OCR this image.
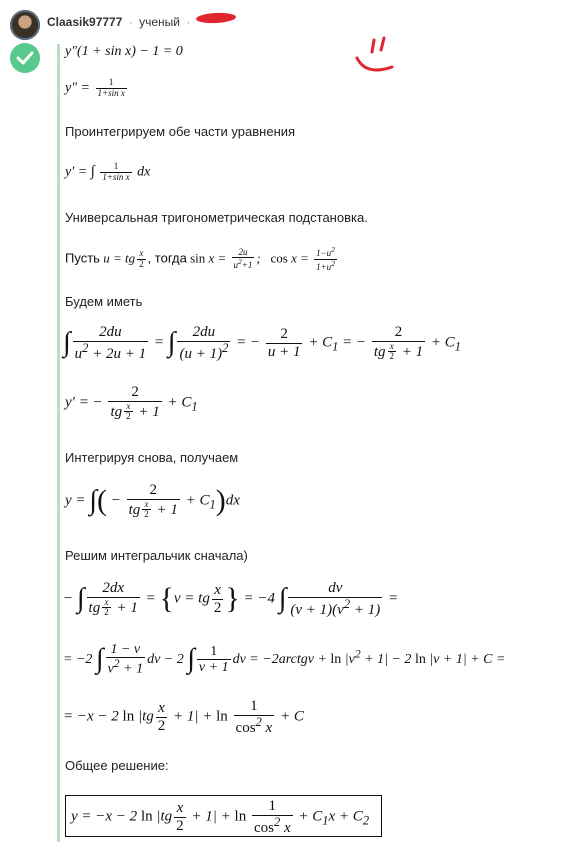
Claasik97777 · ученый ·
y″(1 + sin x) − 1 = 0
$y'' = \frac{1}{\text{1+sin x}}$
Проинтегрируем обе части уравнения
y′ = ∫ $\frac{1}{\text{1+sin x}}$ dx
Универсальная тригонометрическая подстановка.
Пусть u = tg $\frac{x}{2}$ , тогда $\sin x = \frac{2u}{u^2+1}$ ;   $\cos x = \frac{1-u^2}{1+u^2}$
Будем иметь
∫ $\frac{2du}{u^2 + 2u + 1}$ = ∫ $\frac{2du}{(u + 1)^2}$ = − $\frac{2}{u + 1} + C_1$ = − $\frac{2}{tg \frac{x}{2} + 1} + C_1$
y′ = − $\frac{2}{tg \frac{x}{2} + 1} + C_1$
Интегрируя снова, получаем
y = ∫( − $\frac{2}{tg \frac{x}{2} + 1} + C_1)dx$
Решим интегральчик сначала)
− ∫ $\frac{2dx}{tg \frac{x}{2} + 1} = \{v$ = tg $\frac{x}{2}$ } = −4 ∫ $\frac{dv}{(v + 1)(v^2 + 1)}$ =
= −2 ∫ $\frac{1 - v}{v^2 + 1}$ dv − 2 ∫ $\frac{1}{v + 1}$ dv = −2arctgv + $\ln |v^2 + 1| - 2$ ln |v + 1| + C =
= −x − 2 $\ln |tg \frac{x}{2} + 1| + \ln \frac{1}{\cos^2 x} + C$
Общее решение:
y = −x − 2 $\ln |tg \frac{x}{2} + 1| + \ln \frac{1}{\cos^2 x} + C_1x + C_2$
